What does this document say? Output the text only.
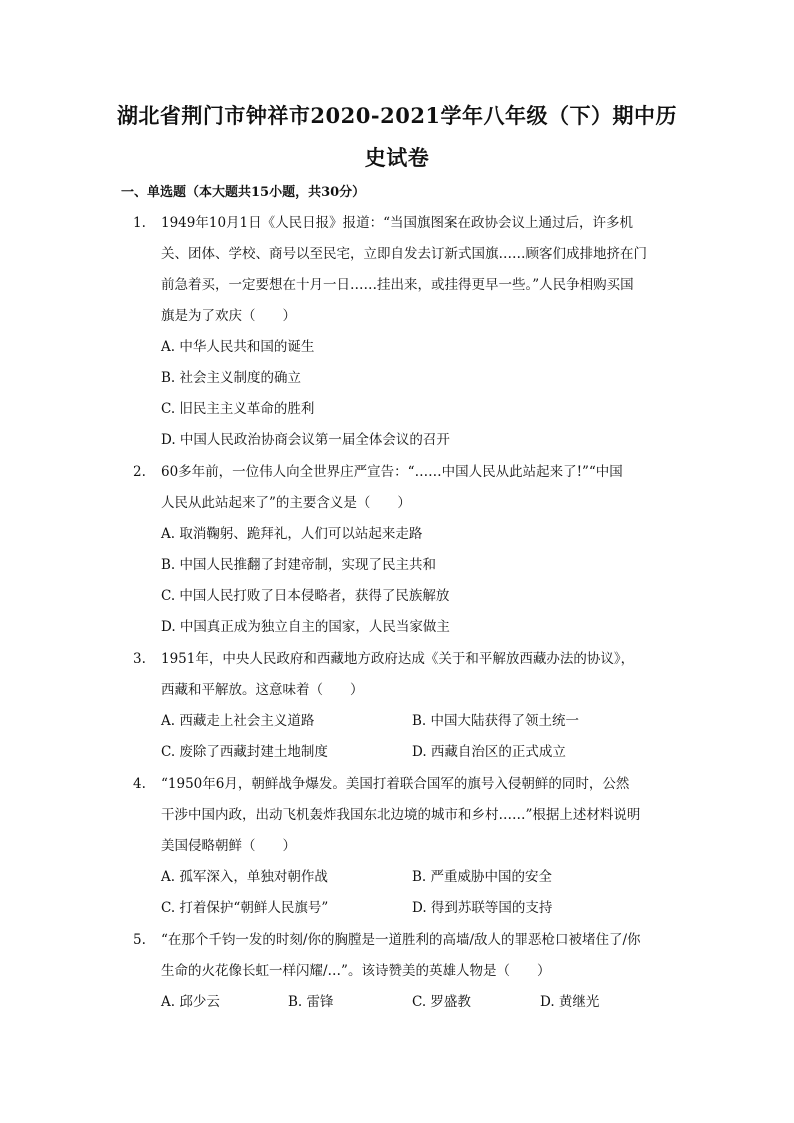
湖北省荆门市钟祥市2020-2021学年八年级（下）期中历
史试卷
一、单选题（本大题共15小题，共30分）
1. 1949年10月1日《人民日报》报道：“当国旗图案在政协会议上通过后，许多机
关、团体、学校、商号以至民宅，立即自发去订新式国旗……顾客们成排地挤在门
前急着买，一定要想在十月一日……挂出来，或挂得更早一些。”人民争相购买国
旗是为了欢庆（　　）
A. 中华人民共和国的诞生
B. 社会主义制度的确立
C. 旧民主主义革命的胜利
D. 中国人民政治协商会议第一届全体会议的召开
2. 60多年前，一位伟人向全世界庄严宣告：“……中国人民从此站起来了!”“中国
人民从此站起来了”的主要含义是（　　）
A. 取消鞠躬、跪拜礼，人们可以站起来走路
B. 中国人民推翻了封建帝制，实现了民主共和
C. 中国人民打败了日本侵略者，获得了民族解放
D. 中国真正成为独立自主的国家，人民当家做主
3. 1951年，中央人民政府和西藏地方政府达成《关于和平解放西藏办法的协议》，
西藏和平解放。这意味着（　　）
A. 西藏走上社会主义道路	B. 中国大陆获得了领土统一
C. 废除了西藏封建土地制度	D. 西藏自治区的正式成立
4. “1950年6月，朝鲜战争爆发。美国打着联合国军的旗号入侵朝鲜的同时，公然
干涉中国内政，出动飞机轰炸我国东北边境的城市和乡村……”根据上述材料说明
美国侵略朝鲜（　　）
A. 孤军深入，单独对朝作战	B. 严重威胁中国的安全
C. 打着保护“朝鲜人民旗号”	D. 得到苏联等国的支持
5. “在那个千钧一发的时刻/你的胸膛是一道胜利的高墙/敌人的罪恶枪口被堵住了/你
生命的火花像长虹一样闪耀/…”。该诗赞美的英雄人物是（　　）
A. 邱少云	B. 雷锋	C. 罗盛教	D. 黄继光
